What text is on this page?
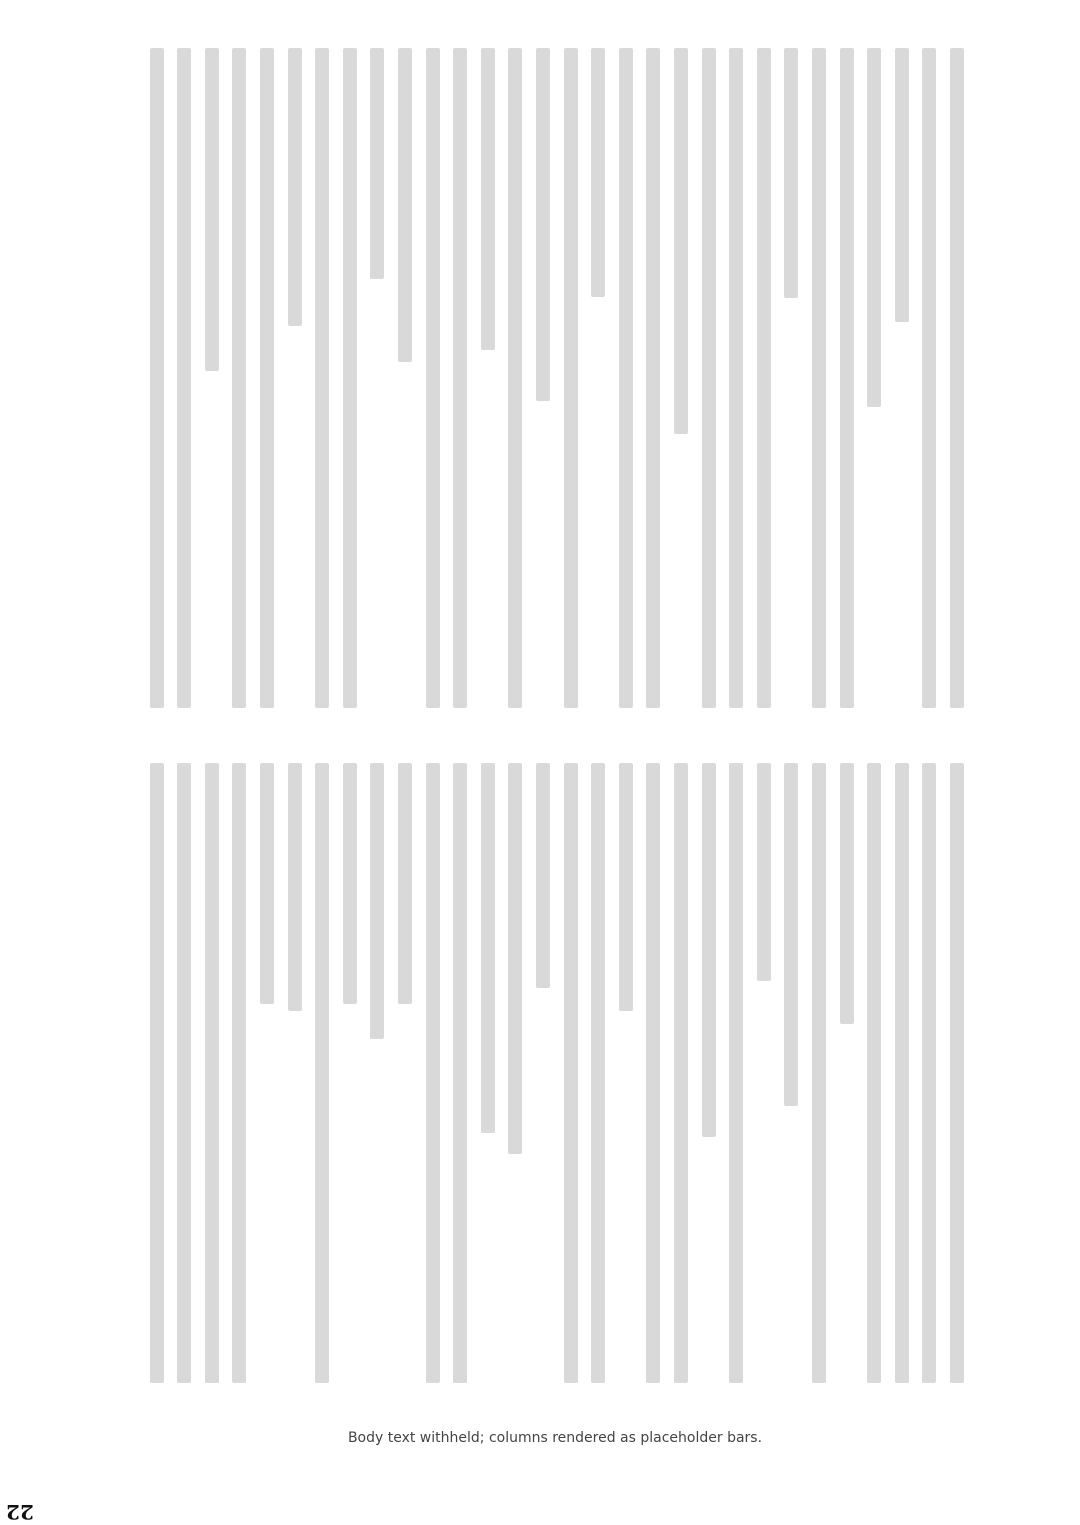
Body text withheld; columns rendered as placeholder bars.
22
